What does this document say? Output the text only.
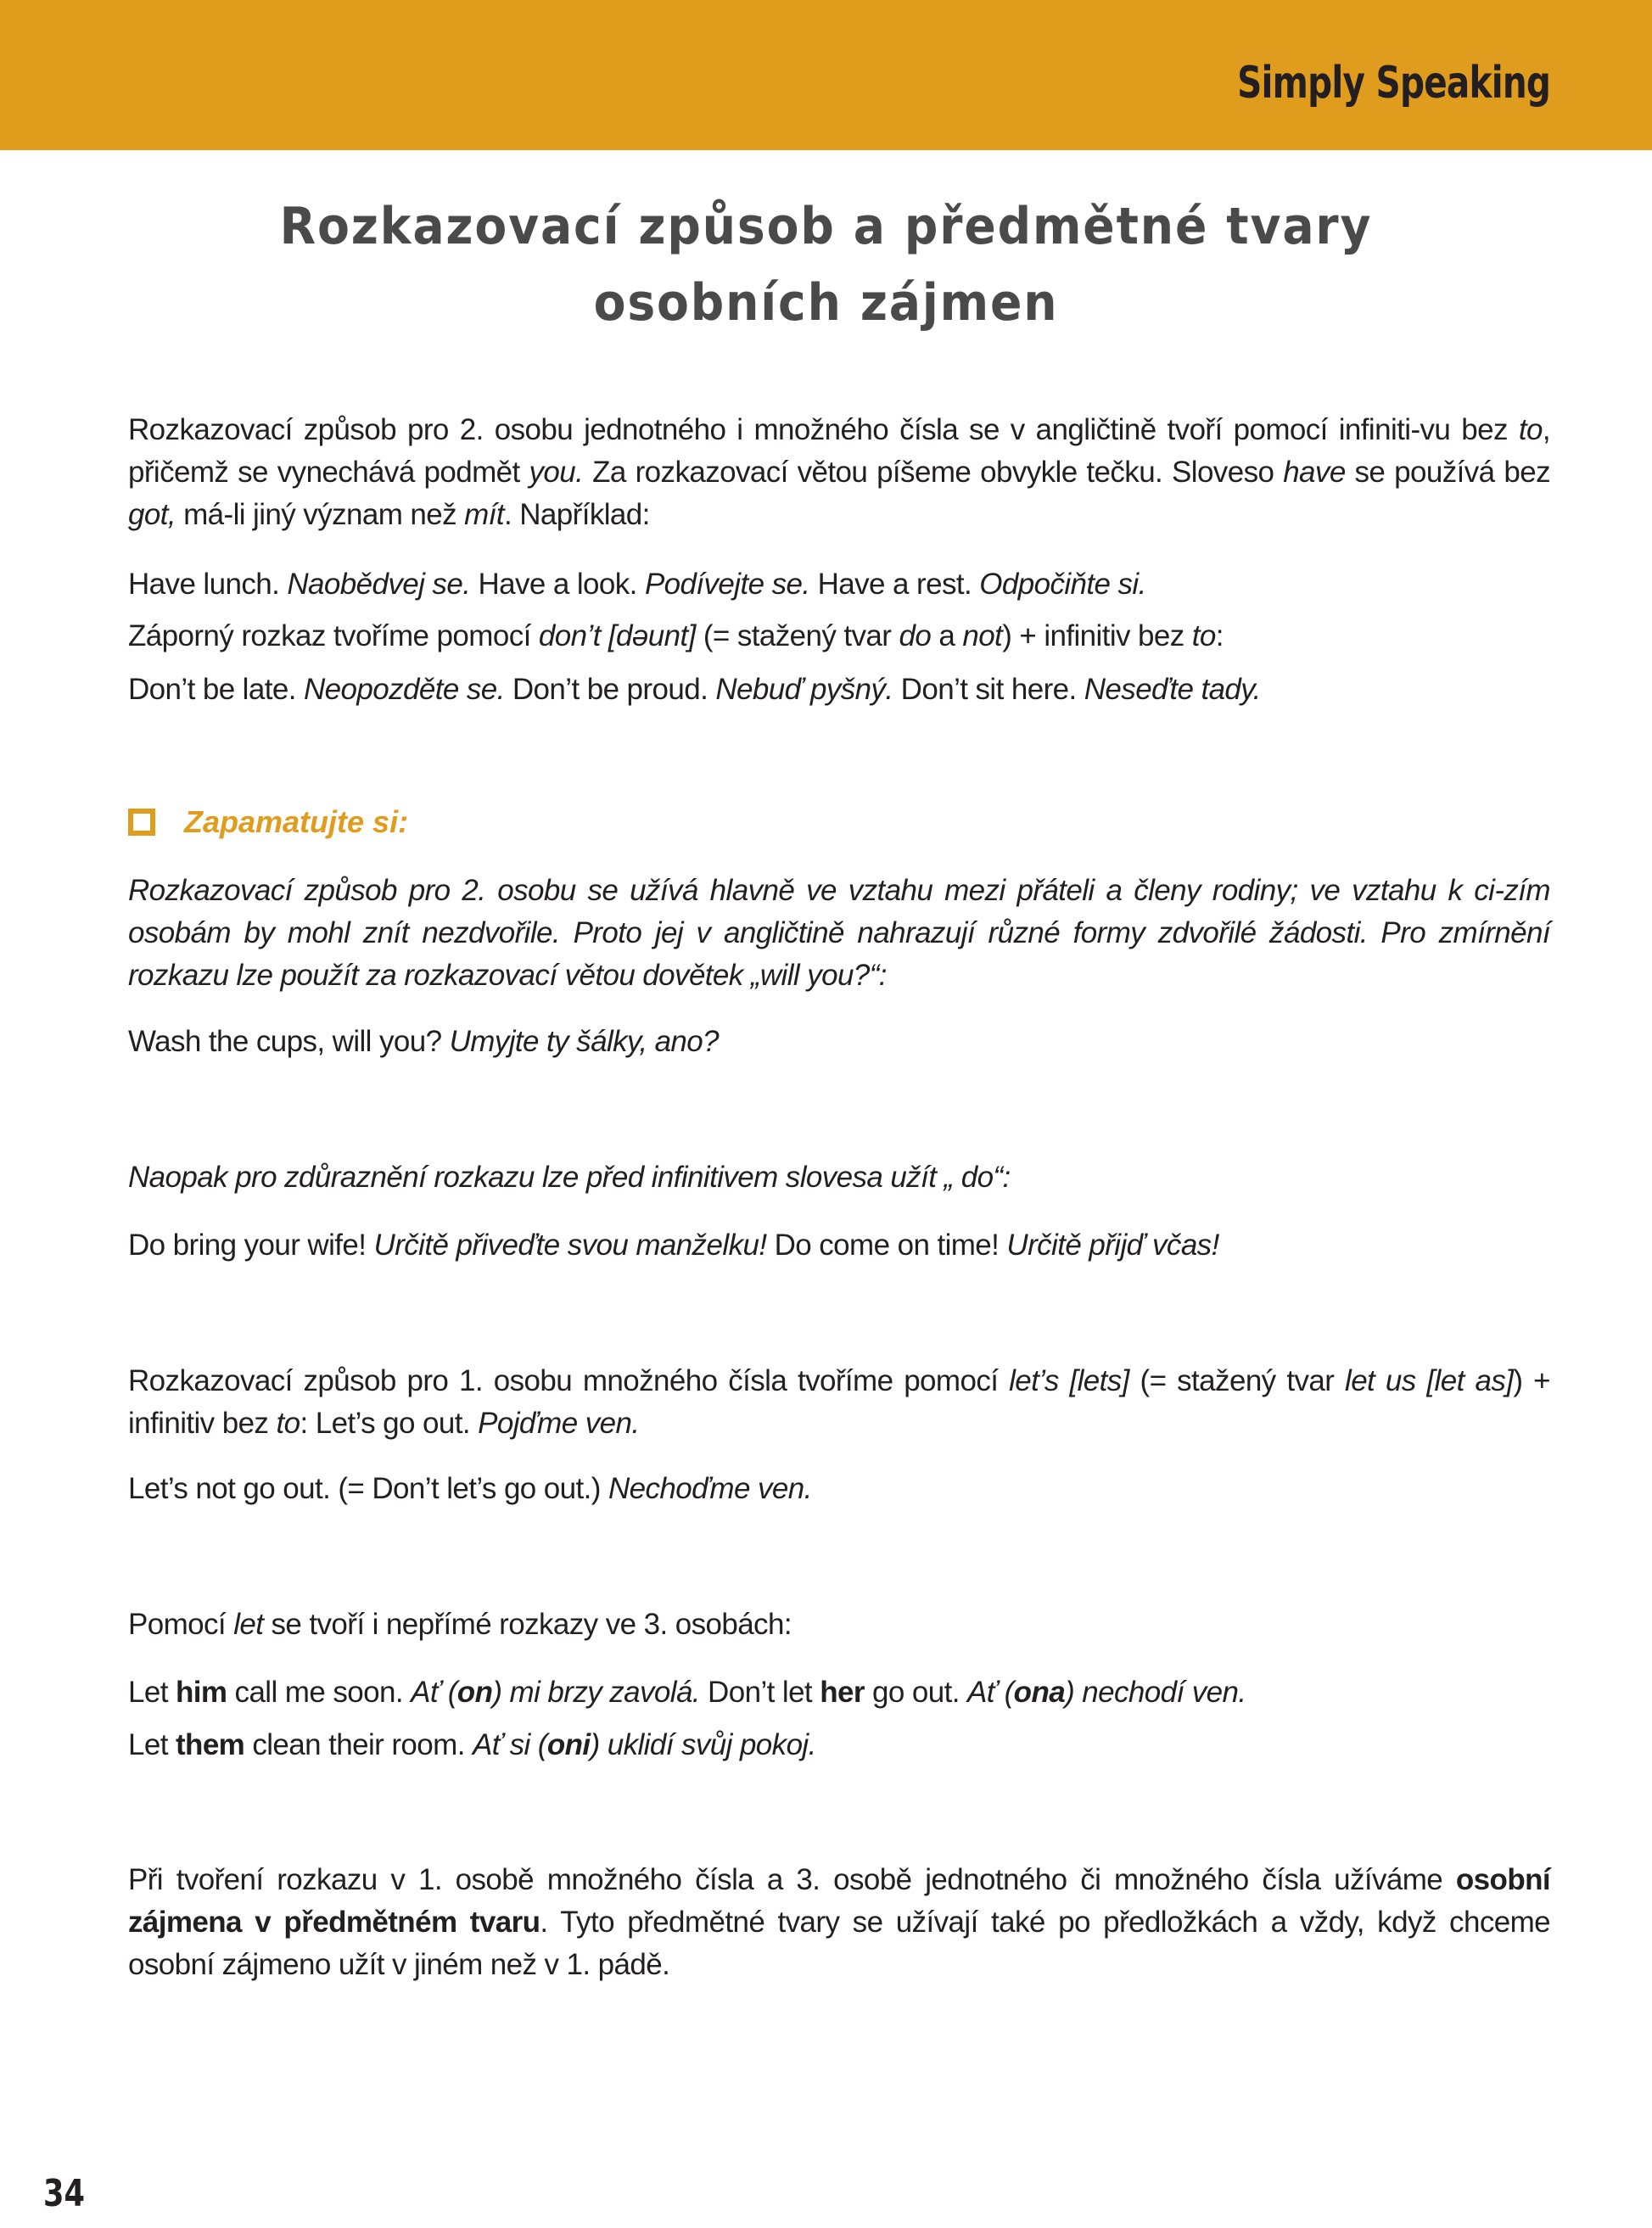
Simply Speaking
Rozkazovací způsob a předmětné tvary
osobních zájmen

Rozkazovací způsob pro 2. osobu jednotného i množného čísla se v angličtině tvoří pomocí infiniti-vu bez to, přičemž se vynechává podmět you. Za rozkazovací větou píšeme obvykle tečku. Sloveso have se používá bez got, má-li jiný význam než mít. Například:

Have lunch. Naobědvej se. Have a look. Podívejte se. Have a rest. Odpočiňte si.

Záporný rozkaz tvoříme pomocí don’t [dəunt] (= stažený tvar do a not) + infinitiv bez to:

Don’t be late. Neopozděte se. Don’t be proud. Nebuď pyšný. Don’t sit here. Neseďte tady.

Zapamatujte si:

Rozkazovací způsob pro 2. osobu se užívá hlavně ve vztahu mezi přáteli a členy rodiny; ve vztahu k ci-zím osobám by mohl znít nezdvořile. Proto jej v angličtině nahrazují různé formy zdvořilé žádosti. Pro zmírnění rozkazu lze použít za rozkazovací větou dovětek „will you?“:

Wash the cups, will you? Umyjte ty šálky, ano?

Naopak pro zdůraznění rozkazu lze před infinitivem slovesa užít „ do“:

Do bring your wife! Určitě přiveďte svou manželku! Do come on time! Určitě přijď včas!

Rozkazovací způsob pro 1. osobu množného čísla tvoříme pomocí let’s [lets] (= stažený tvar let us [let as]) + infinitiv bez to: Let’s go out. Pojďme ven.

Let’s not go out. (= Don’t let’s go out.) Nechoďme ven.

Pomocí let se tvoří i nepřímé rozkazy ve 3. osobách:

Let him call me soon. Ať (on) mi brzy zavolá. Don’t let her go out. Ať (ona) nechodí ven.

Let them clean their room. Ať si (oni) uklidí svůj pokoj.

Při tvoření rozkazu v 1. osobě množného čísla a 3. osobě jednotného či množného čísla užíváme osobní zájmena v předmětném tvaru. Tyto předmětné tvary se užívají také po předložkách a vždy, když chceme osobní zájmeno užít v jiném než v 1. pádě.

34
